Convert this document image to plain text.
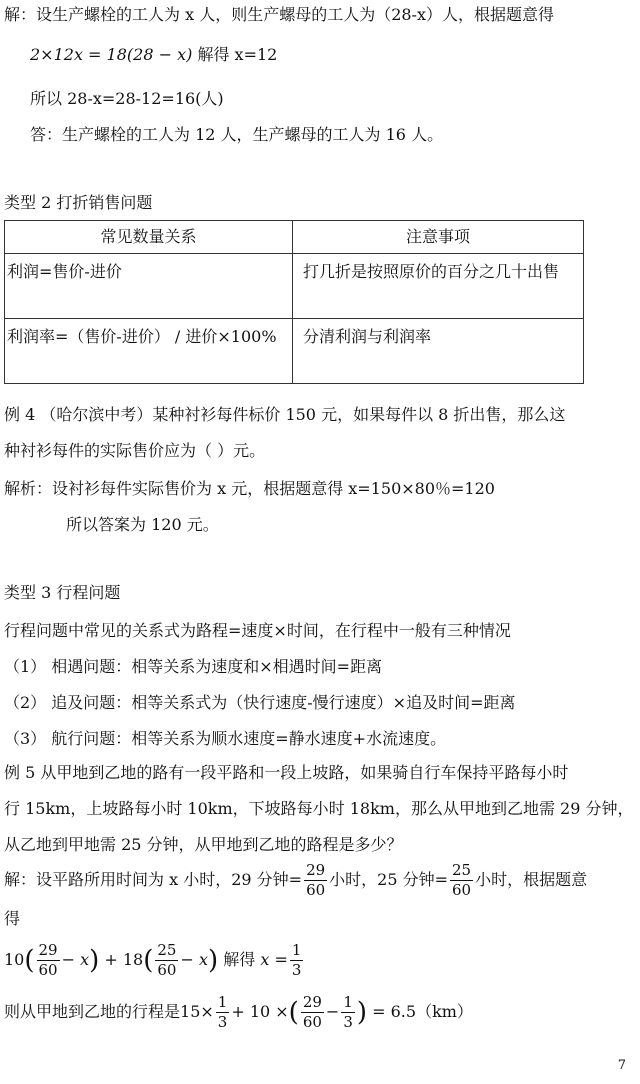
解：设生产螺栓的工人为 x 人，则生产螺母的工人为（28-x）人，根据题意得
2×12x = 18(28 − x) 解得 x=12
所以 28-x=28-12=16(人)
答：生产螺栓的工人为 12 人，生产螺母的工人为 16 人。
类型 2 打折销售问题
常见数量关系	注意事项
利润=售价-进价	打几折是按照原价的百分之几十出售
利润率=（售价-进价） / 进价×100%	分清利润与利润率
例 4 （哈尔滨中考）某种衬衫每件标价 150 元，如果每件以 8 折出售，那么这
种衬衫每件的实际售价应为（ ）元。
解析：设衬衫每件实际售价为 x 元，根据题意得 x=150×80％=120
所以答案为 120 元。
类型 3 行程问题
行程问题中常见的关系式为路程=速度×时间，在行程中一般有三种情况
（1） 相遇问题：相等关系为速度和×相遇时间=距离
（2） 追及问题：相等关系式为（快行速度-慢行速度）×追及时间=距离
（3） 航行问题：相等关系为顺水速度=静水速度+水流速度。
例 5 从甲地到乙地的路有一段平路和一段上坡路，如果骑自行车保持平路每小时
行 15km，上坡路每小时 10km，下坡路每小时 18km，那么从甲地到乙地需 29 分钟，
从乙地到甲地需 25 分钟，从甲地到乙地的路程是多少？
解：设平路所用时间为 x 小时，29 分钟= $\frac{29}{60}$ 小时，25 分钟= $\frac{25}{60}$ 小时，根据题意
得
$10( \frac{29}{60} - x) + 18( \frac{25}{60} - x)$ 解得 $x = \frac{1}{3}$
则从甲地到乙地的行程是$15\times \frac{1}{3} + 10$ ×( $\frac{29}{60} - \frac{1}{3}$ ) = 6.5（km）
7
